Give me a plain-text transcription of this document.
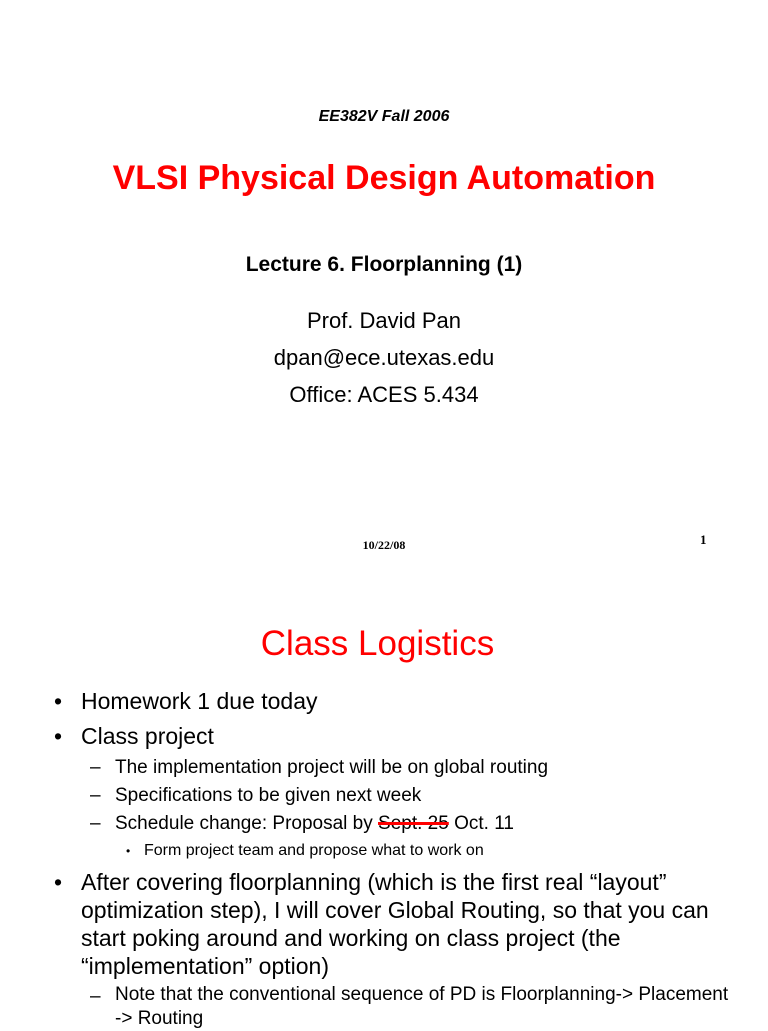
EE382V Fall 2006
VLSI Physical Design Automation
Lecture 6. Floorplanning (1)
Prof. David Pan
dpan@ece.utexas.edu
Office: ACES 5.434
10/22/08	1
Class Logistics
• Homework 1 due today
• Class project
– The implementation project will be on global routing
– Specifications to be given next week
– Schedule change: Proposal by Sept. 25 Oct. 11
• Form project team and propose what to work on
• After covering floorplanning (which is the first real “layout” optimization step), I will cover Global Routing, so that you can start poking around and working on class project (the “implementation” option)
– Note that the conventional sequence of PD is Floorplanning-> Placement -> Routing
